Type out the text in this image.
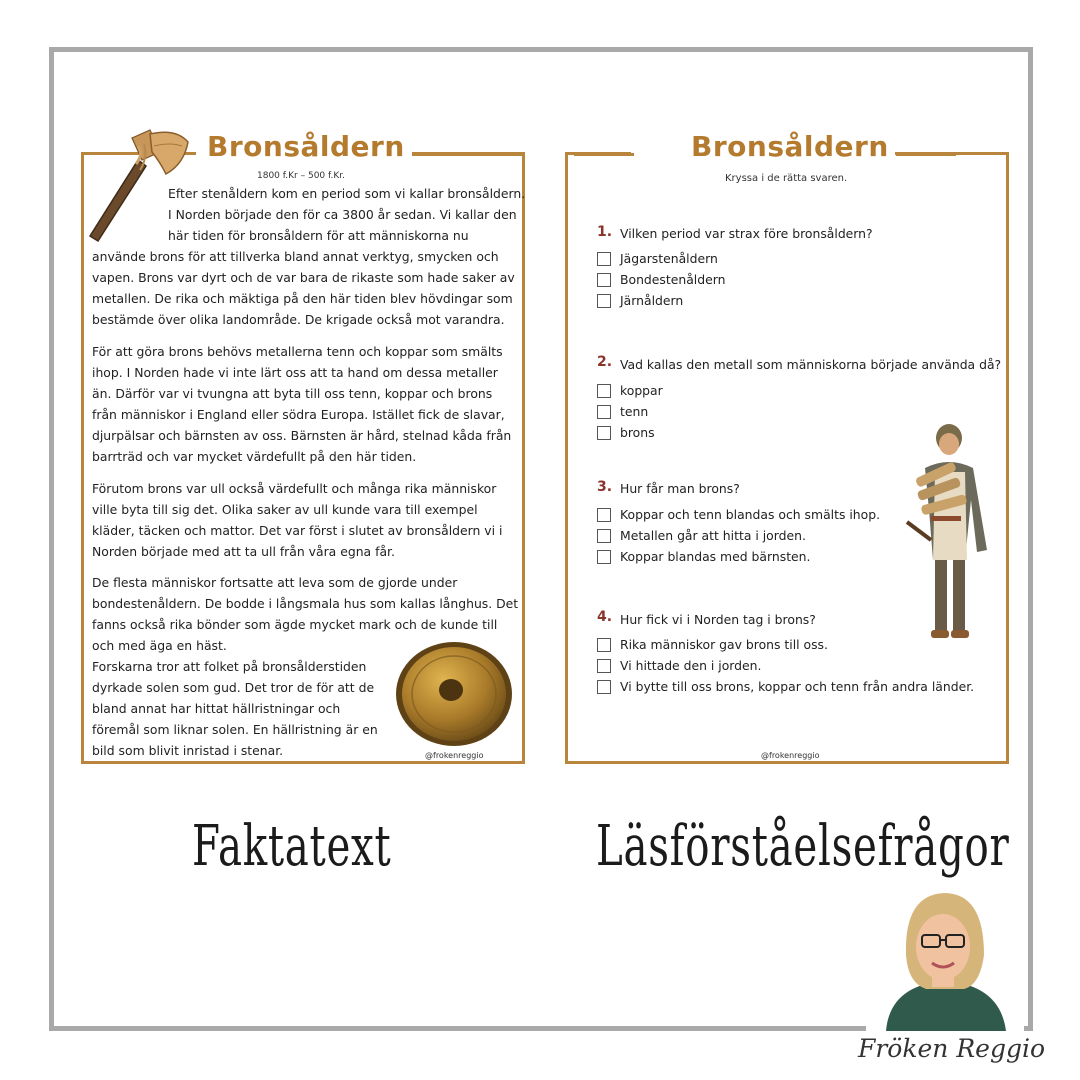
Bronsåldern
1800 f.Kr – 500 f.Kr.

Efter stenåldern kom en period som vi kallar bronsåldern.
I Norden började den för ca 3800 år sedan. Vi kallar den
här tiden för bronsåldern för att människorna nu

använde brons för att tillverka bland annat verktyg, smycken och
vapen. Brons var dyrt och de var bara de rikaste som hade saker av
metallen. De rika och mäktiga på den här tiden blev hövdingar som
bestämde över olika landområde. De krigade också mot varandra.
För att göra brons behövs metallerna tenn och koppar som smälts ihop. I Norden hade vi inte lärt oss att ta hand om dessa metaller än. Därför var vi tvungna att byta till oss tenn, koppar och brons från människor i England eller södra Europa. Istället fick de slavar, djurpälsar och bärnsten av oss. Bärnsten är hård, stelnad kåda från barrträd och var mycket värdefullt på den här tiden.
Förutom brons var ull också värdefullt och många rika människor ville byta till sig det. Olika saker av ull kunde vara till exempel kläder, täcken och mattor. Det var först i slutet av bronsåldern vi i Norden började med att ta ull från våra egna får.
De flesta människor fortsatte att leva som de gjorde under bondestenåldern. De bodde i långsmala hus som kallas långhus. Det fanns också rika bönder som ägde mycket mark och de kunde till och med äga en häst.
Forskarna tror att folket på bronsålderstiden dyrkade solen som gud. Det tror de för att de bland annat har hittat hällristningar och föremål som liknar solen. En hällristning är en bild som blivit inristad i stenar.	@frokenreggio
Bronsåldern
Kryssa i de rätta svaren.
1. Vilken period var strax före bronsåldern?
Jägarstenåldern
Bondestenåldern
Järnåldern
2. Vad kallas den metall som människorna började använda då?
koppar
tenn
brons
3. Hur får man brons?
Koppar och tenn blandas och smälts ihop.
Metallen går att hitta i jorden.
Koppar blandas med bärnsten.
4. Hur fick vi i Norden tag i brons?
Rika människor gav brons till oss.
Vi hittade den i jorden.
Vi bytte till oss brons, koppar och tenn från andra länder.
@frokenreggio
Faktatext	Läsförståelsefrågor
Fröken Reggio
